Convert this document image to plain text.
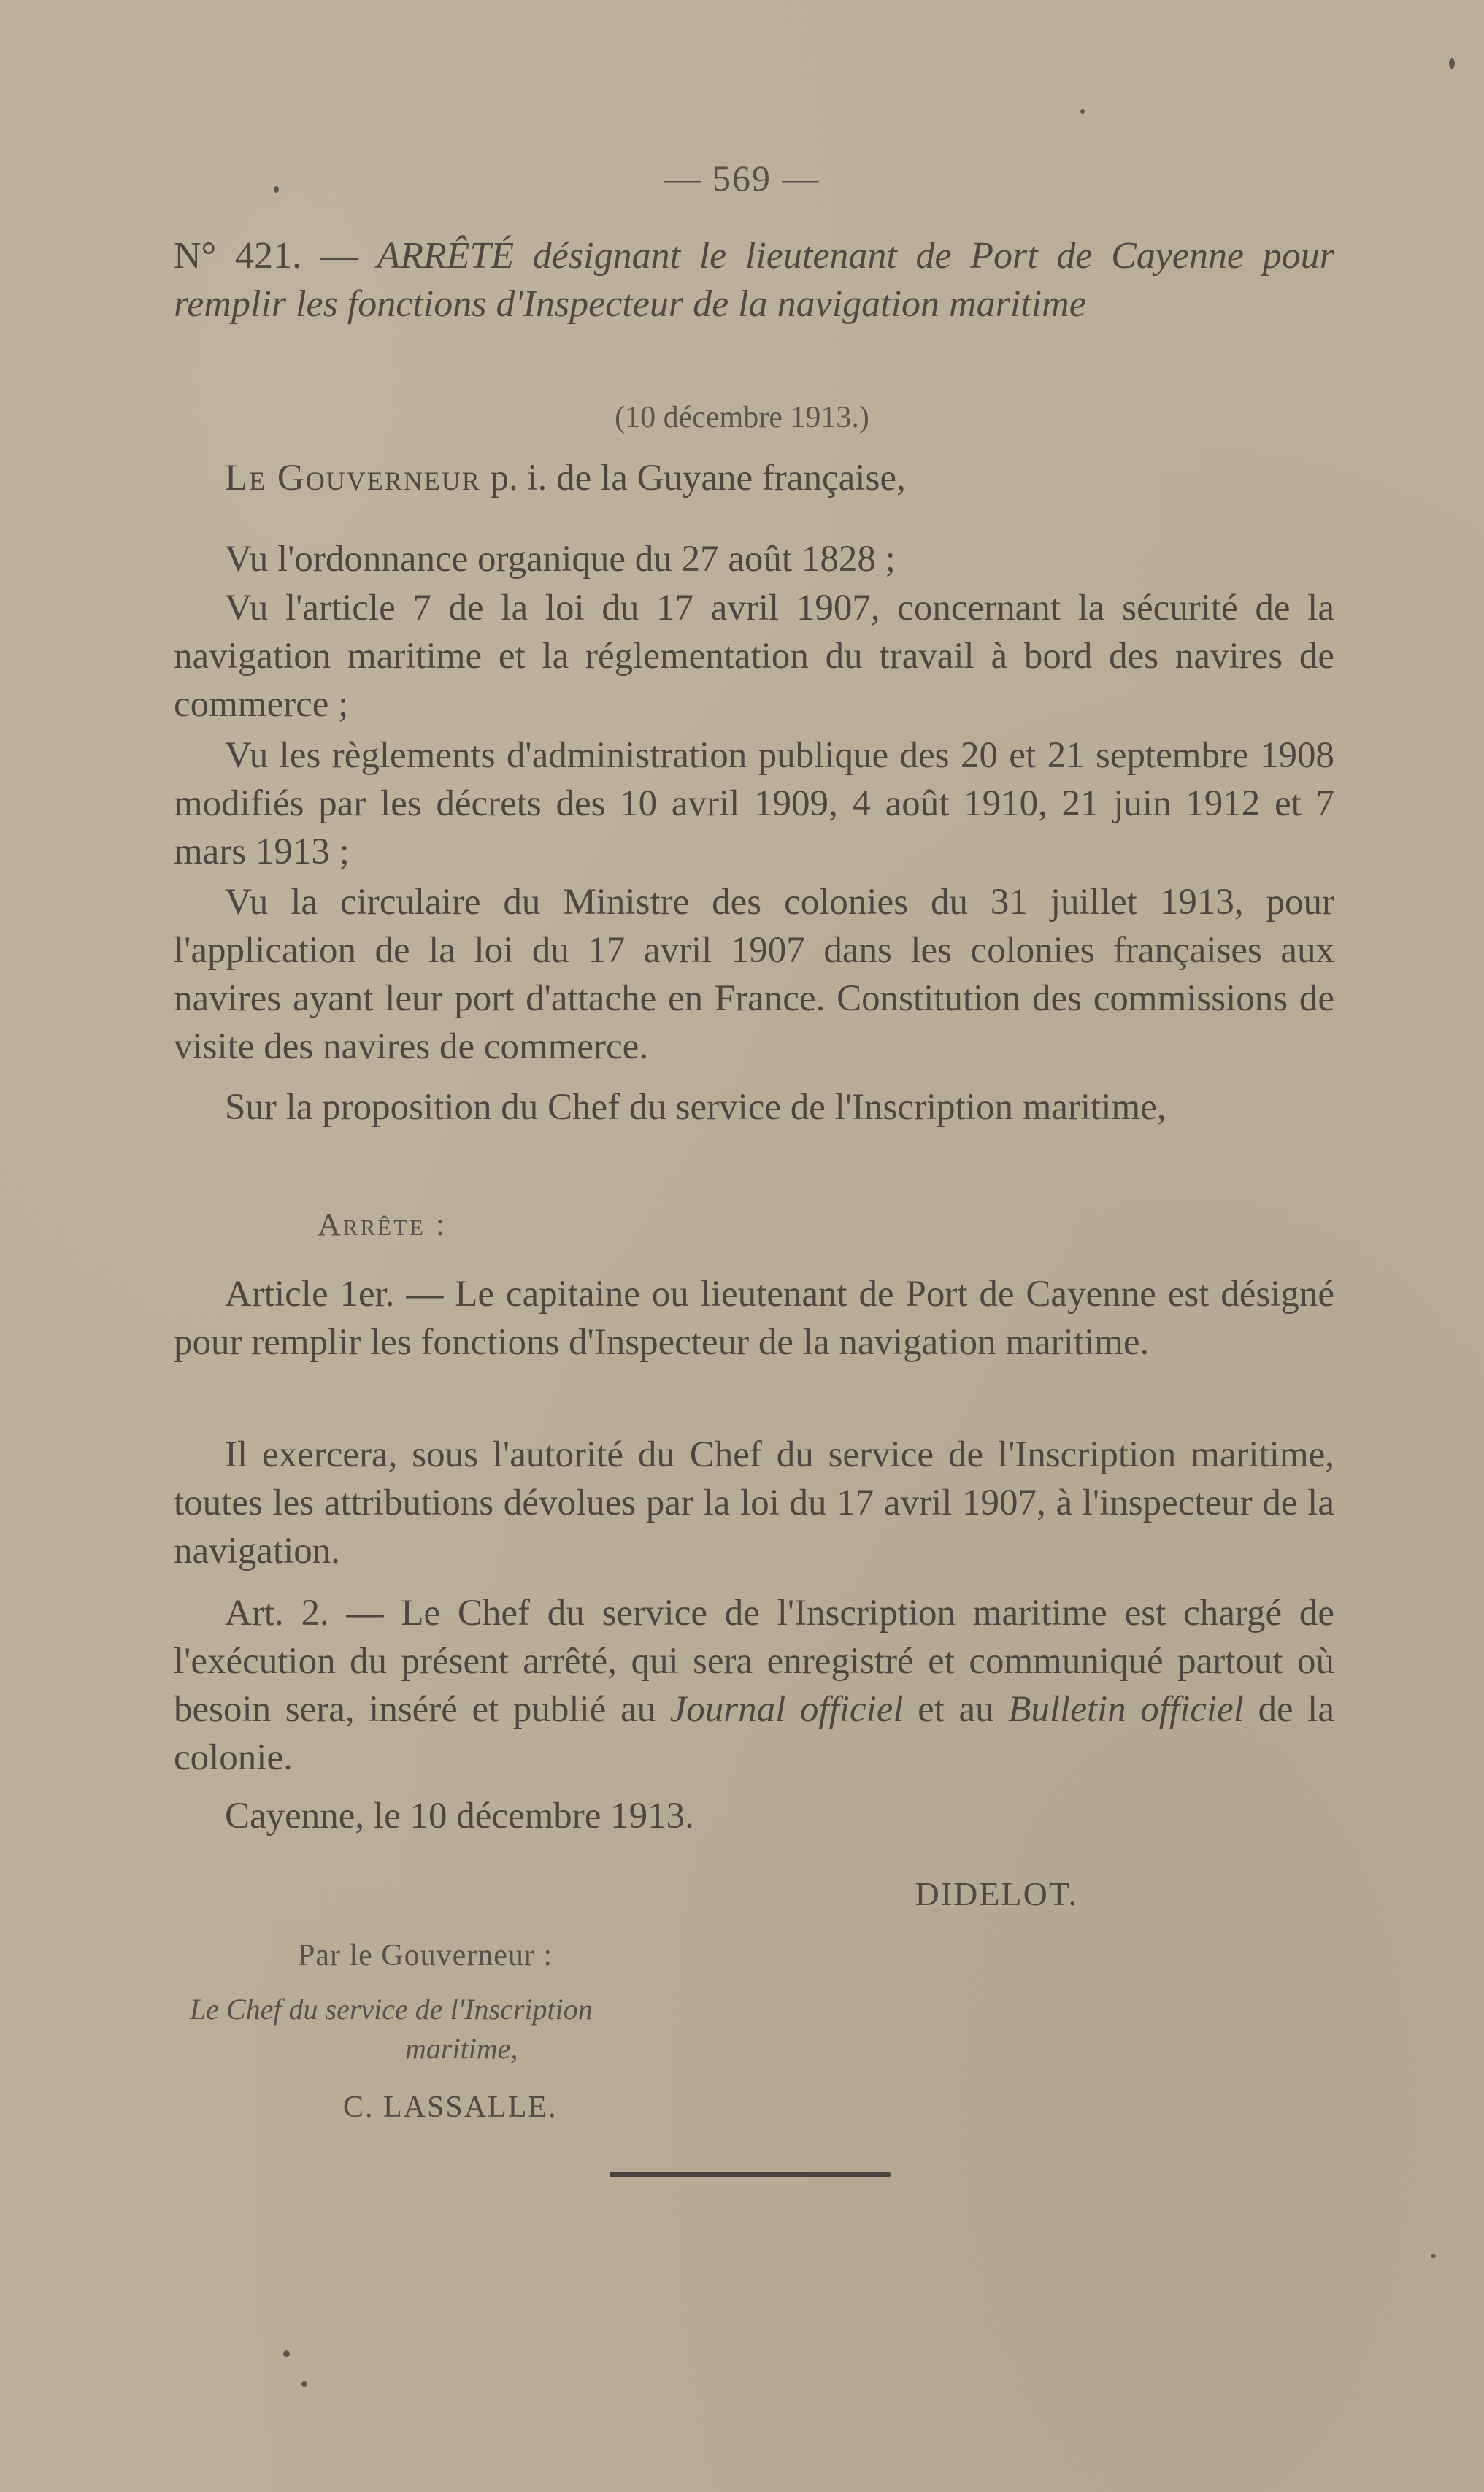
— 569 —
N° 421. — ARRÊTÉ désignant le lieutenant de Port de Cayenne pour remplir les fonctions d'Inspecteur de la navigation maritime
(10 décembre 1913.)
Le Gouverneur p. i. de la Guyane française,
Vu l'ordonnance organique du 27 août 1828 ;
Vu l'article 7 de la loi du 17 avril 1907, concernant la sécurité de la navigation maritime et la réglementation du travail à bord des navires de commerce ;
Vu les règlements d'administration publique des 20 et 21 septembre 1908 modifiés par les décrets des 10 avril 1909, 4 août 1910, 21 juin 1912 et 7 mars 1913 ;
Vu la circulaire du Ministre des colonies du 31 juillet 1913, pour l'application de la loi du 17 avril 1907 dans les colonies françaises aux navires ayant leur port d'attache en France. Constitution des commissions de visite des navires de commerce.
Sur la proposition du Chef du service de l'Inscription maritime,
Arrête :
Article 1er. — Le capitaine ou lieutenant de Port de Cayenne est désigné pour remplir les fonctions d'Inspecteur de la navigation maritime.
Il exercera, sous l'autorité du Chef du service de l'Inscription maritime, toutes les attributions dévolues par la loi du 17 avril 1907, à l'inspecteur de la navigation.
Art. 2. — Le Chef du service de l'Inscription maritime est chargé de l'exécution du présent arrêté, qui sera enregistré et communiqué partout où besoin sera, inséré et publié au Journal officiel et au Bulletin officiel de la colonie.
Cayenne, le 10 décembre 1913.
DIDELOT.
Par le Gouverneur :
Le Chef du service de l'Inscription
maritime,
C. LASSALLE.
